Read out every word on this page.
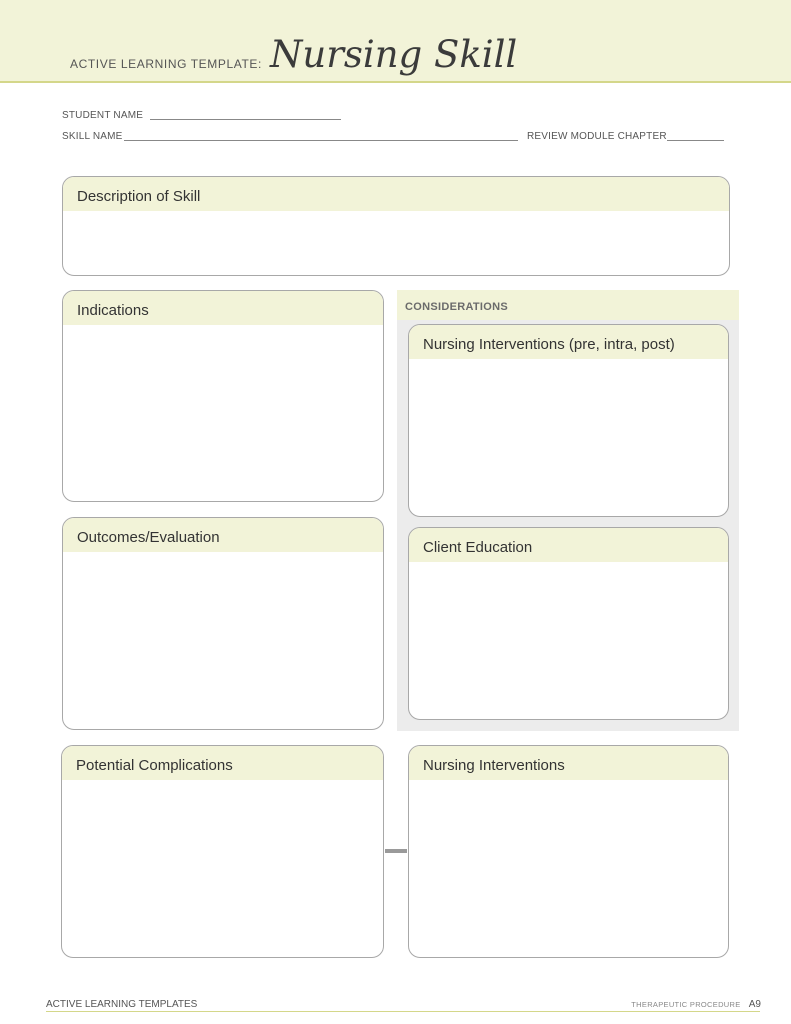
ACTIVE LEARNING TEMPLATE: Nursing Skill
STUDENT NAME
SKILL NAME	REVIEW MODULE CHAPTER
Description of Skill
Indications
Outcomes/Evaluation
CONSIDERATIONS
Nursing Interventions (pre, intra, post)
Client Education
Potential Complications	Nursing Interventions
ACTIVE LEARNING TEMPLATES	THERAPEUTIC PROCEDURE A9
